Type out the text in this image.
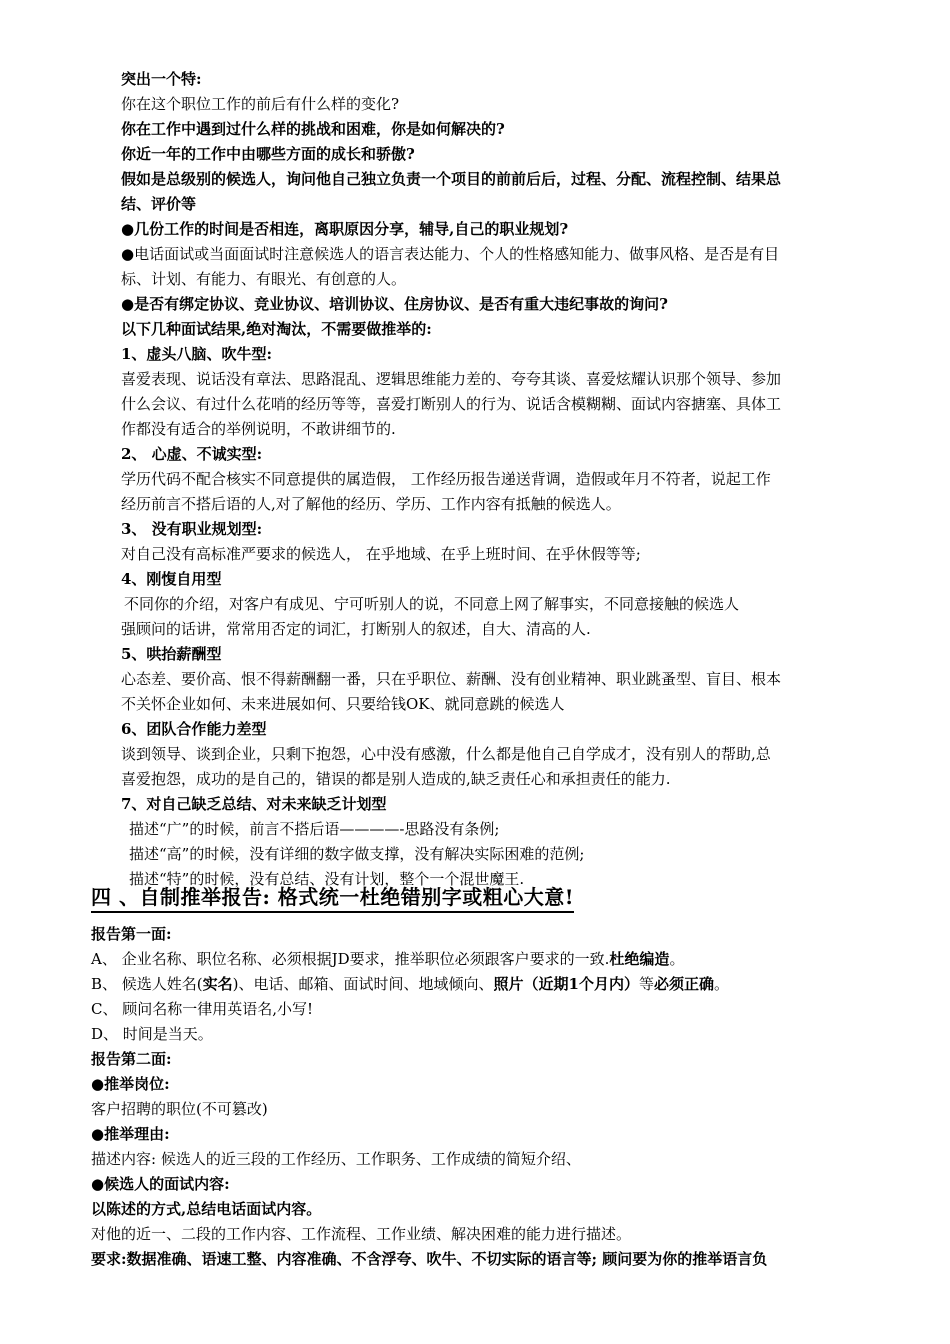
突出一个特:
你在这个职位工作的前后有什么样的变化?
你在工作中遇到过什么样的挑战和困难，你是如何解决的?
你近一年的工作中由哪些方面的成长和骄傲?
假如是总级别的候选人，询问他自己独立负责一个项目的前前后后，过程、分配、流程控制、结果总
结、评价等
●几份工作的时间是否相连，离职原因分享，辅导,自己的职业规划?
●电话面试或当面面试时注意候选人的语言表达能力、个人的性格感知能力、做事风格、是否是有目
标、计划、有能力、有眼光、有创意的人。
●是否有绑定协议、竞业协议、培训协议、住房协议、是否有重大违纪事故的询问?
以下几种面试结果,绝对淘汰，不需要做推举的:
1、虚头八脑、吹牛型:
喜爱表现、说话没有章法、思路混乱、逻辑思维能力差的、夸夸其谈、喜爱炫耀认识那个领导、参加
什么会议、有过什么花哨的经历等等，喜爱打断别人的行为、说话含模糊糊、面试内容搪塞、具体工
作都没有适合的举例说明，不敢讲细节的.
2、 心虚、不诚实型:
学历代码不配合核实不同意提供的属造假， 工作经历报告递送背调，造假或年月不符者，说起工作
经历前言不搭后语的人,对了解他的经历、学历、工作内容有抵触的候选人。
3、 没有职业规划型:
对自己没有高标准严要求的候选人， 在乎地域、在乎上班时间、在乎休假等等;
4、刚愎自用型
不同你的介绍，对客户有成见、宁可听别人的说，不同意上网了解事实，不同意接触的候选人
强顾问的话讲，常常用否定的词汇，打断别人的叙述，自大、清高的人.
5、哄抬薪酬型
心态差、要价高、恨不得薪酬翻一番，只在乎职位、薪酬、没有创业精神、职业跳蚤型、盲目、根本
不关怀企业如何、未来进展如何、只要给钱OK、就同意跳的候选人
6、团队合作能力差型
谈到领导、谈到企业，只剩下抱怨，心中没有感激，什么都是他自己自学成才，没有别人的帮助,总
喜爱抱怨，成功的是自己的，错误的都是别人造成的,缺乏责任心和承担责任的能力.
7、对自己缺乏总结、对未来缺乏计划型
描述“广”的时候，前言不搭后语————-思路没有条例;
描述“高”的时候，没有详细的数字做支撑，没有解决实际困难的范例;
描述“特”的时候，没有总结、没有计划，整个一个混世魔王.
四 、自制推举报告: 格式统一杜绝错别字或粗心大意!
报告第一面:
A、 企业名称、职位名称、必须根据JD要求，推举职位必须跟客户要求的一致.杜绝编造。
B、 候选人姓名(实名)、电话、邮箱、面试时间、地域倾向、照片（近期1个月内）等必须正确。
C、 顾问名称一律用英语名,小写!
D、 时间是当天。
报告第二面:
●推举岗位:
客户招聘的职位(不可篡改)
●推举理由:
描述内容: 候选人的近三段的工作经历、工作职务、工作成绩的简短介绍、
●候选人的面试内容:
以陈述的方式,总结电话面试内容。
对他的近一、二段的工作内容、工作流程、工作业绩、解决困难的能力进行描述。
要求:数据准确、语速工整、内容准确、不含浮夸、吹牛、不切实际的语言等; 顾问要为你的推举语言负
